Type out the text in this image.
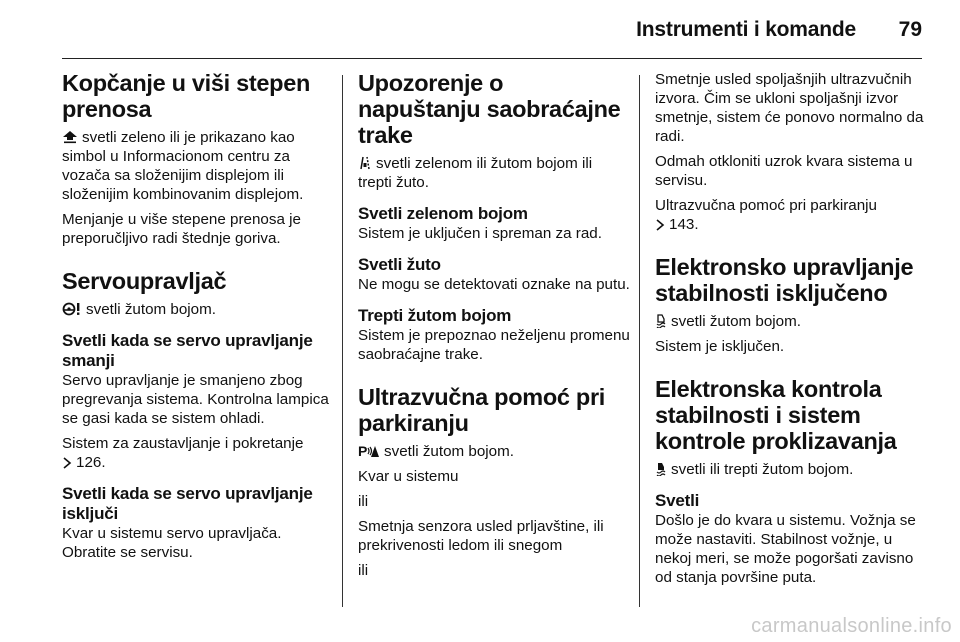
Instrumenti i komande 79
Kopčanje u viši stepen prenosa

svetli zeleno ili je prikazano kao simbol u Informacionom centru za vozača sa složenijim displejom ili složenijim kombinovanim displejom.

Menjanje u više stepene prenosa je preporučljivo radi štednje goriva.

Servoupravljač

svetli žutom bojom.

Svetli kada se servo upravljanje smanji

Servo upravljanje je smanjeno zbog pregrevanja sistema. Kontrolna lampica se gasi kada se sistem ohladi.

Sistem za zaustavljanje i pokretanje

126.

Svetli kada se servo upravljanje isključi

Kvar u sistemu servo upravljača. Obratite se servisu.

Upozorenje o napuštanju saobraćajne trake

svetli zelenom ili žutom bojom ili trepti žuto.

Svetli zelenom bojom

Sistem je uključen i spreman za rad.

Svetli žuto

Ne mogu se detektovati oznake na putu.

Trepti žutom bojom

Sistem je prepoznao neželjenu promenu saobraćajne trake.

Ultrazvučna pomoć pri parkiranju

P svetli žutom bojom.

Kvar u sistemu

ili

Smetnja senzora usled prljavštine, ili prekrivenosti ledom ili snegom

ili

Smetnje usled spoljašnjih ultrazvučnih izvora. Čim se ukloni spoljašnji izvor smetnje, sistem će ponovo normalno da radi.

Odmah otkloniti uzrok kvara sistema u servisu.

Ultrazvučna pomoć pri parkiranju

143.

Elektronsko upravljanje stabilnosti isključeno

svetli žutom bojom.

Sistem je isključen.

Elektronska kontrola stabilnosti i sistem kontrole proklizavanja

svetli ili trepti žutom bojom.

Svetli

Došlo je do kvara u sistemu. Vožnja se može nastaviti. Stabilnost vožnje, u nekoj meri, se može pogoršati zavisno od stanja površine puta.

carmanualsonline.info
